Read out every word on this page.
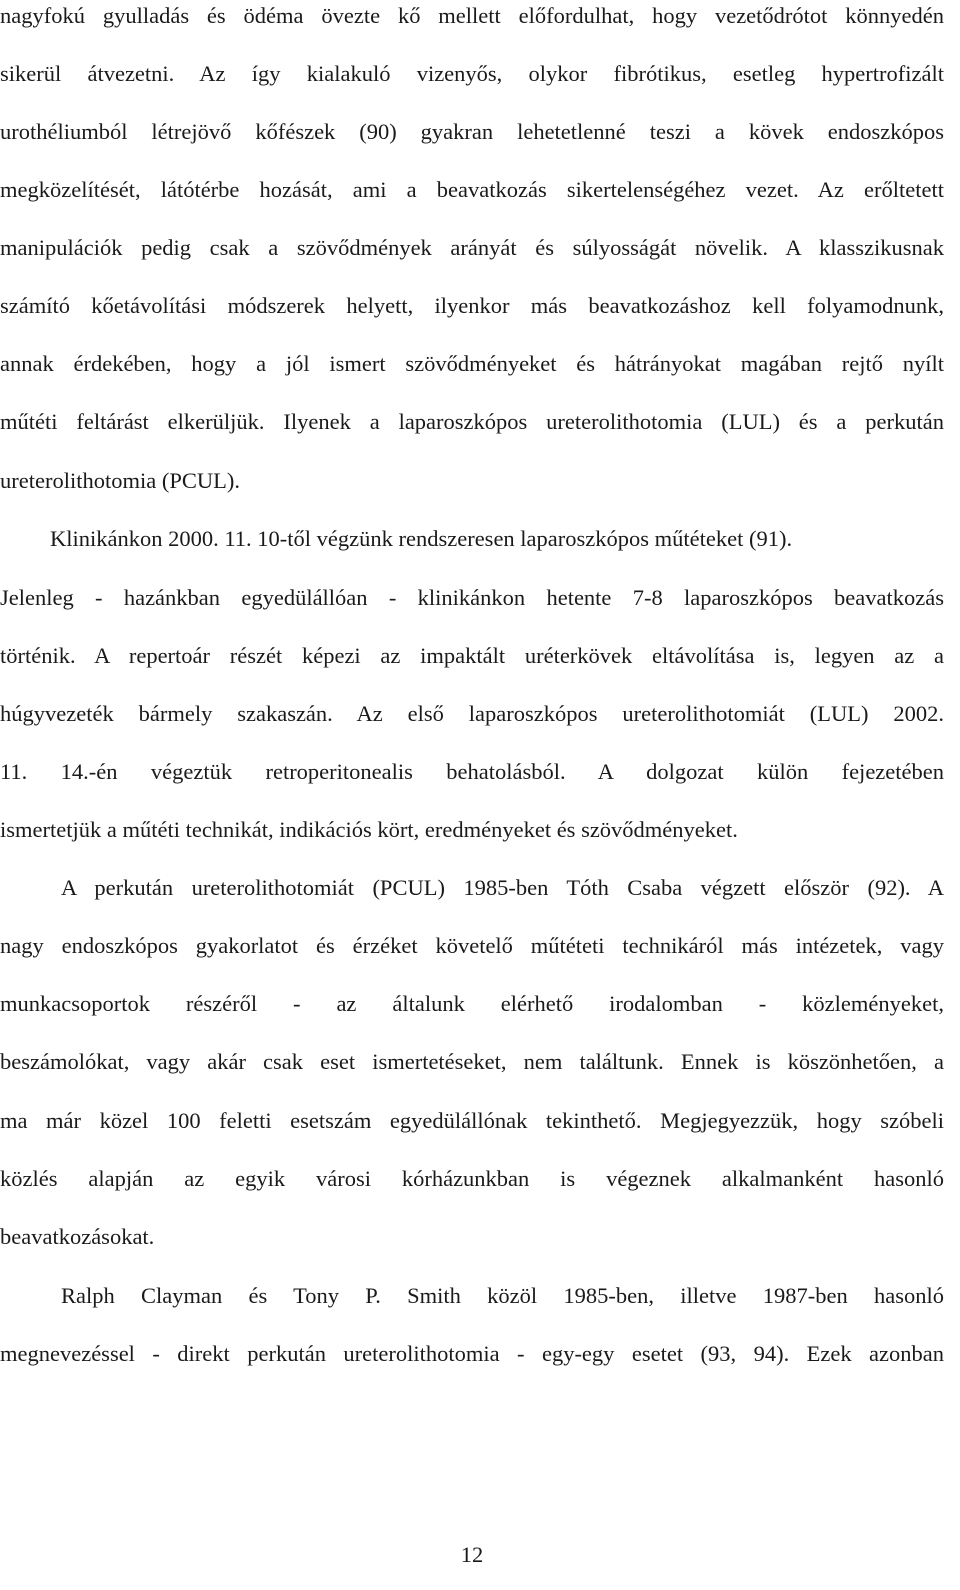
nagyfokú gyulladás és ödéma övezte kő mellett előfordulhat, hogy vezetődrótot könnyedén
sikerül átvezetni. Az így kialakuló vizenyős, olykor fibrótikus, esetleg hypertrofizált
urothéliumból létrejövő kőfészek (90) gyakran lehetetlenné teszi a kövek endoszkópos
megközelítését, látótérbe hozását, ami a beavatkozás sikertelenségéhez vezet. Az erőltetett
manipulációk pedig csak a szövődmények arányát és súlyosságát növelik. A klasszikusnak
számító kőetávolítási módszerek helyett, ilyenkor más beavatkozáshoz kell folyamodnunk,
annak érdekében, hogy a jól ismert szövődményeket és hátrányokat magában rejtő nyílt
műtéti feltárást elkerüljük. Ilyenek a laparoszkópos ureterolithotomia (LUL) és a perkután
ureterolithotomia (PCUL).
Klinikánkon 2000. 11. 10-től végzünk rendszeresen laparoszkópos műtéteket (91).
Jelenleg - hazánkban egyedülállóan - klinikánkon hetente 7-8 laparoszkópos beavatkozás
történik. A repertoár részét képezi az impaktált uréterkövek eltávolítása is, legyen az a
húgyvezeték bármely szakaszán. Az első laparoszkópos ureterolithotomiát (LUL) 2002.
11. 14.-én végeztük retroperitonealis behatolásból. A dolgozat külön fejezetében
ismertetjük a műtéti technikát, indikációs kört, eredményeket és szövődményeket.
A perkután ureterolithotomiát (PCUL) 1985-ben Tóth Csaba végzett először (92). A
nagy endoszkópos gyakorlatot és érzéket követelő műtéteti technikáról más intézetek, vagy
munkacsoportok részéről - az általunk elérhető irodalomban - közleményeket,
beszámolókat, vagy akár csak eset ismertetéseket, nem találtunk. Ennek is köszönhetően, a
ma már közel 100 feletti esetszám egyedülállónak tekinthető. Megjegyezzük, hogy szóbeli
közlés alapján az egyik városi kórházunkban is végeznek alkalmanként hasonló
beavatkozásokat.
Ralph Clayman és Tony P. Smith közöl 1985-ben, illetve 1987-ben hasonló
megnevezéssel - direkt perkután ureterolithotomia - egy-egy esetet (93, 94). Ezek azonban
12
